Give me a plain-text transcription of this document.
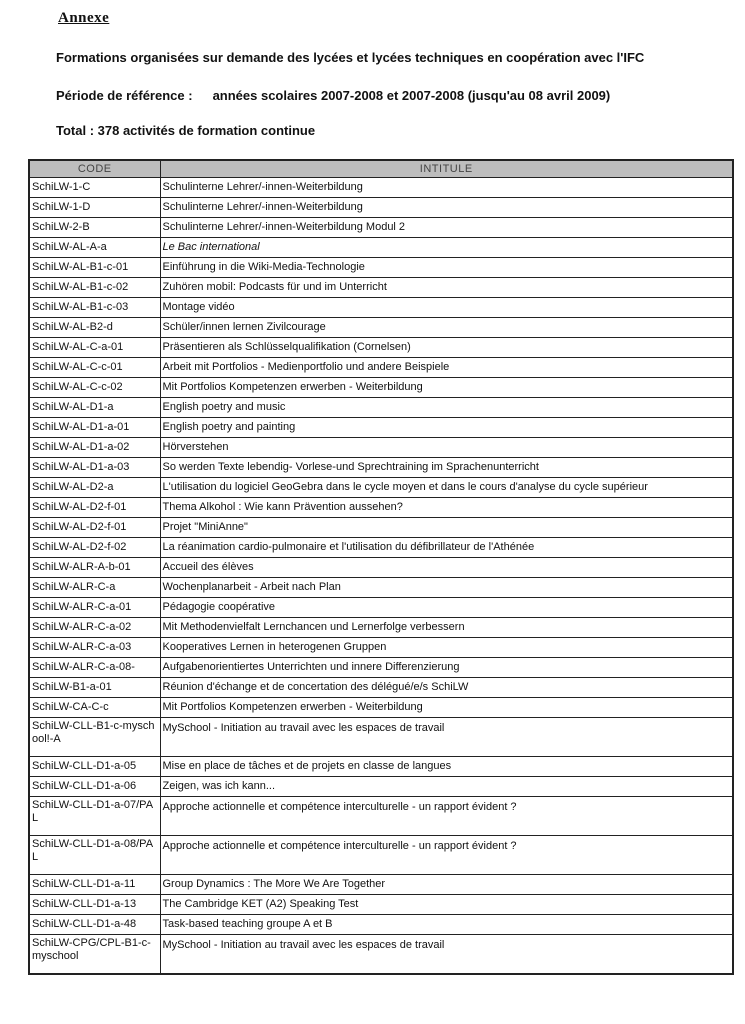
Annexe
Formations organisées sur demande des lycées et lycées techniques en coopération avec l'IFC
Période de référence : années scolaires 2007-2008 et 2007-2008 (jusqu'au 08 avril 2009)
Total : 378 activités de formation continue
CODE	INTITULE
SchiLW-1-C	Schulinterne Lehrer/-innen-Weiterbildung
SchiLW-1-D	Schulinterne Lehrer/-innen-Weiterbildung
SchiLW-2-B	Schulinterne Lehrer/-innen-Weiterbildung Modul 2
SchiLW-AL-A-a	Le Bac international
SchiLW-AL-B1-c-01	Einführung in die Wiki-Media-Technologie
SchiLW-AL-B1-c-02	Zuhören mobil: Podcasts für und im Unterricht
SchiLW-AL-B1-c-03	Montage vidéo
SchiLW-AL-B2-d	Schüler/innen lernen Zivilcourage
SchiLW-AL-C-a-01	Präsentieren als Schlüsselqualifikation (Cornelsen)
SchiLW-AL-C-c-01	Arbeit mit Portfolios - Medienportfolio und andere Beispiele
SchiLW-AL-C-c-02	Mit Portfolios Kompetenzen erwerben - Weiterbildung
SchiLW-AL-D1-a	English poetry and music
SchiLW-AL-D1-a-01	English poetry and painting
SchiLW-AL-D1-a-02	Hörverstehen
SchiLW-AL-D1-a-03	So werden Texte lebendig- Vorlese-und Sprechtraining im Sprachenunterricht
SchiLW-AL-D2-a	L'utilisation du logiciel GeoGebra dans le cycle moyen et dans le cours d'analyse du cycle supérieur
SchiLW-AL-D2-f-01	Thema Alkohol : Wie kann Prävention aussehen?
SchiLW-AL-D2-f-01	Projet "MiniAnne"
SchiLW-AL-D2-f-02	La réanimation cardio-pulmonaire et l'utilisation du défibrillateur de l'Athénée
SchiLW-ALR-A-b-01	Accueil des élèves
SchiLW-ALR-C-a	Wochenplanarbeit - Arbeit nach Plan
SchiLW-ALR-C-a-01	Pédagogie coopérative
SchiLW-ALR-C-a-02	Mit Methodenvielfalt Lernchancen und Lernerfolge verbessern
SchiLW-ALR-C-a-03	Kooperatives Lernen in heterogenen Gruppen
SchiLW-ALR-C-a-08-	Aufgabenorientiertes Unterrichten und innere Differenzierung
SchiLW-B1-a-01	Réunion d'échange et de concertation des délégué/e/s SchiLW
SchiLW-CA-C-c	Mit Portfolios Kompetenzen erwerben - Weiterbildung
SchiLW-CLL-B1-c-myschool!-A	MySchool - Initiation au travail avec les espaces de travail
SchiLW-CLL-D1-a-05	Mise en place de tâches et de projets en classe de langues
SchiLW-CLL-D1-a-06	Zeigen, was ich kann...
SchiLW-CLL-D1-a-07/PAL	Approche actionnelle et compétence interculturelle - un rapport évident ?
SchiLW-CLL-D1-a-08/PAL	Approche actionnelle et compétence interculturelle - un rapport évident ?
SchiLW-CLL-D1-a-11	Group Dynamics : The More We Are Together
SchiLW-CLL-D1-a-13	The Cambridge KET (A2) Speaking Test
SchiLW-CLL-D1-a-48	Task-based teaching groupe A et B
SchiLW-CPG/CPL-B1-c-myschool	MySchool - Initiation au travail avec les espaces de travail
